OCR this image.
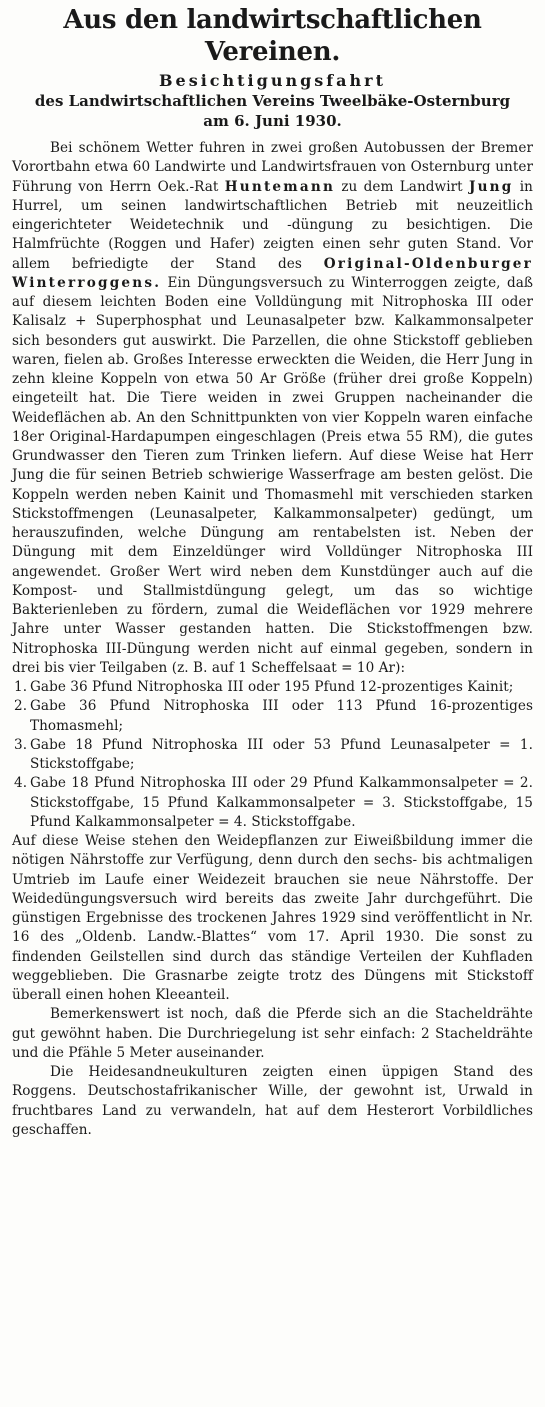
Aus den landwirtschaftlichen Vereinen.
Besichtigungsfahrt
des Landwirtschaftlichen Vereins Tweelbäke-Osternburg
am 6. Juni 1930.

Bei schönem Wetter fuhren in zwei großen Autobussen der Bremer Vorortbahn etwa 60 Landwirte und Landwirtsfrauen von Osternburg unter Führung von Herrn Oek.-Rat Huntemann zu dem Landwirt Jung in Hurrel, um seinen landwirtschaftlichen Betrieb mit neuzeitlich eingerichteter Weidetechnik und -düngung zu besichtigen. Die Halmfrüchte (Roggen und Hafer) zeigten einen sehr guten Stand. Vor allem befriedigte der Stand des Original-Oldenburger Winterroggens. Ein Düngungsversuch zu Winterroggen zeigte, daß auf diesem leichten Boden eine Volldüngung mit Nitrophoska III oder Kalisalz + Superphosphat und Leunasalpeter bzw. Kalkammonsalpeter sich besonders gut auswirkt. Die Parzellen, die ohne Stickstoff geblieben waren, fielen ab. Großes Interesse erweckten die Weiden, die Herr Jung in zehn kleine Koppeln von etwa 50 Ar Größe (früher drei große Koppeln) eingeteilt hat. Die Tiere weiden in zwei Gruppen nacheinander die Weideflächen ab. An den Schnittpunkten von vier Koppeln waren einfache 18er Original-Hardapumpen eingeschlagen (Preis etwa 55 RM), die gutes Grundwasser den Tieren zum Trinken liefern. Auf diese Weise hat Herr Jung die für seinen Betrieb schwierige Wasserfrage am besten gelöst. Die Koppeln werden neben Kainit und Thomasmehl mit verschieden starken Stickstoffmengen (Leunasalpeter, Kalkammonsalpeter) gedüngt, um herauszufinden, welche Düngung am rentabelsten ist. Neben der Düngung mit dem Einzeldünger wird Volldünger Nitrophoska III angewendet. Großer Wert wird neben dem Kunstdünger auch auf die Kompost- und Stallmistdüngung gelegt, um das so wichtige Bakterienleben zu fördern, zumal die Weideflächen vor 1929 mehrere Jahre unter Wasser gestanden hatten. Die Stickstoffmengen bzw. Nitrophoska III-Düngung werden nicht auf einmal gegeben, sondern in drei bis vier Teilgaben (z. B. auf 1 Scheffelsaat = 10 Ar):

1. Gabe 36 Pfund Nitrophoska III oder 195 Pfund 12-prozentiges Kainit;
2. Gabe 36 Pfund Nitrophoska III oder 113 Pfund 16-prozentiges Thomasmehl;
3. Gabe 18 Pfund Nitrophoska III oder 53 Pfund Leunasalpeter = 1. Stickstoffgabe;
4. Gabe 18 Pfund Nitrophoska III oder 29 Pfund Kalkammonsalpeter = 2. Stickstoffgabe, 15 Pfund Kalkammonsalpeter = 3. Stickstoffgabe, 15 Pfund Kalkammonsalpeter = 4. Stickstoffgabe.

Auf diese Weise stehen den Weidepflanzen zur Eiweißbildung immer die nötigen Nährstoffe zur Verfügung, denn durch den sechs- bis achtmaligen Umtrieb im Laufe einer Weidezeit brauchen sie neue Nährstoffe. Der Weidedüngungsversuch wird bereits das zweite Jahr durchgeführt. Die günstigen Ergebnisse des trockenen Jahres 1929 sind veröffentlicht in Nr. 16 des „Oldenb. Landw.-Blattes“ vom 17. April 1930. Die sonst zu findenden Geilstellen sind durch das ständige Verteilen der Kuhfladen weggeblieben. Die Grasnarbe zeigte trotz des Düngens mit Stickstoff überall einen hohen Kleeanteil.

Bemerkenswert ist noch, daß die Pferde sich an die Stacheldrähte gut gewöhnt haben. Die Durchriegelung ist sehr einfach: 2 Stacheldrähte und die Pfähle 5 Meter auseinander.

Die Heidesandneukulturen zeigten einen üppigen Stand des Roggens. Deutschostafrikanischer Wille, der gewohnt ist, Urwald in fruchtbares Land zu verwandeln, hat auf dem Hesterort Vorbildliches geschaffen.
